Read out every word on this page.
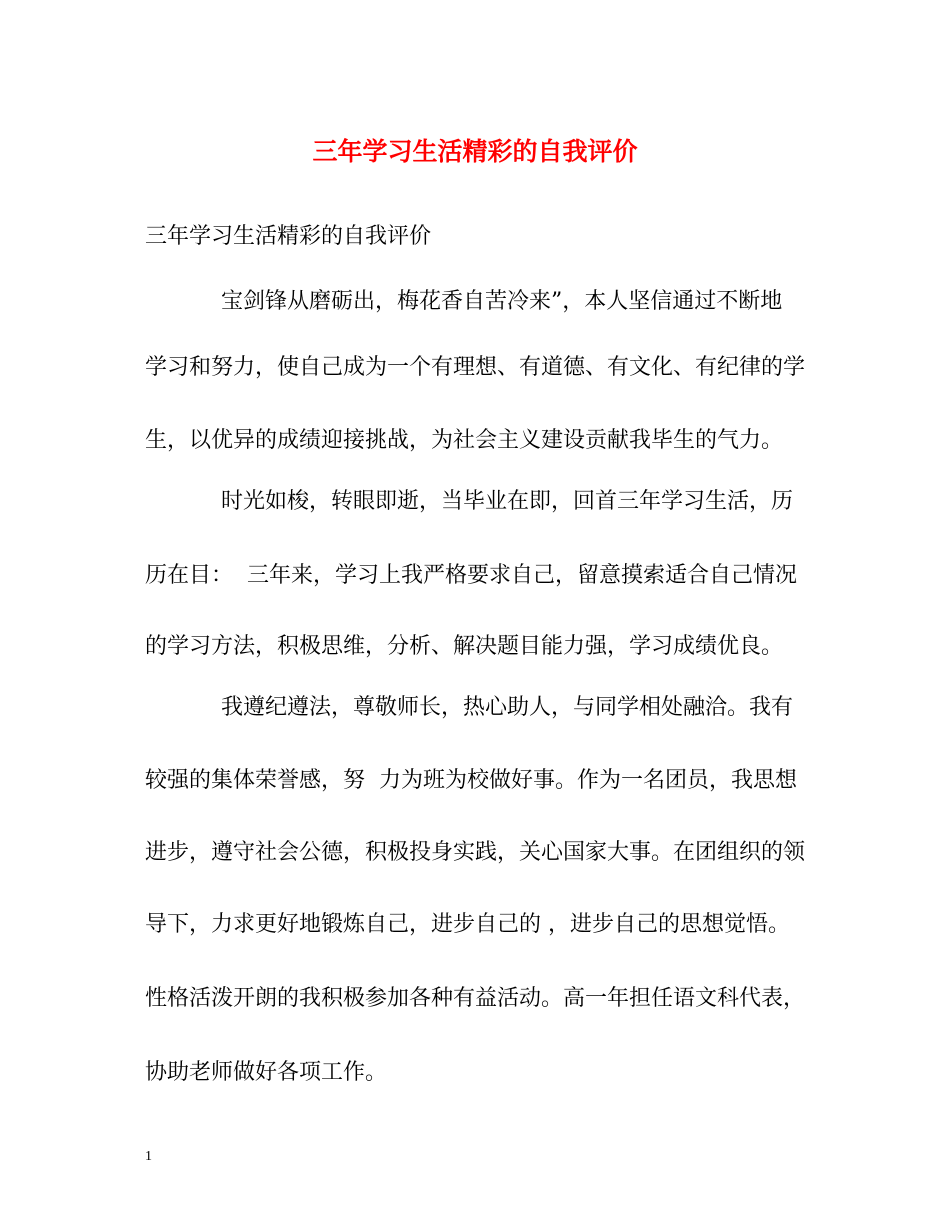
三年学习生活精彩的自我评价

三年学习生活精彩的自我评价

宝剑锋从磨砺出，梅花香自苦冷来”，本人坚信通过不断地

学习和努力，使自己成为一个有理想、有道德、有文化、有纪律的学

生，以优异的成绩迎接挑战，为社会主义建设贡献我毕生的气力。

时光如梭，转眼即逝，当毕业在即，回首三年学习生活，历

历在目：  三年来，学习上我严格要求自己，留意摸索适合自己情况

的学习方法，积极思维，分析、解决题目能力强，学习成绩优良。

我遵纪遵法，尊敬师长，热心助人，与同学相处融洽。我有

较强的集体荣誉感，努  力为班为校做好事。作为一名团员，我思想

进步，遵守社会公德，积极投身实践，关心国家大事。在团组织的领

导下，力求更好地锻炼自己，进步自己的 ，进步自己的思想觉悟。

性格活泼开朗的我积极参加各种有益活动。高一年担任语文科代表，

协助老师做好各项工作。

1
